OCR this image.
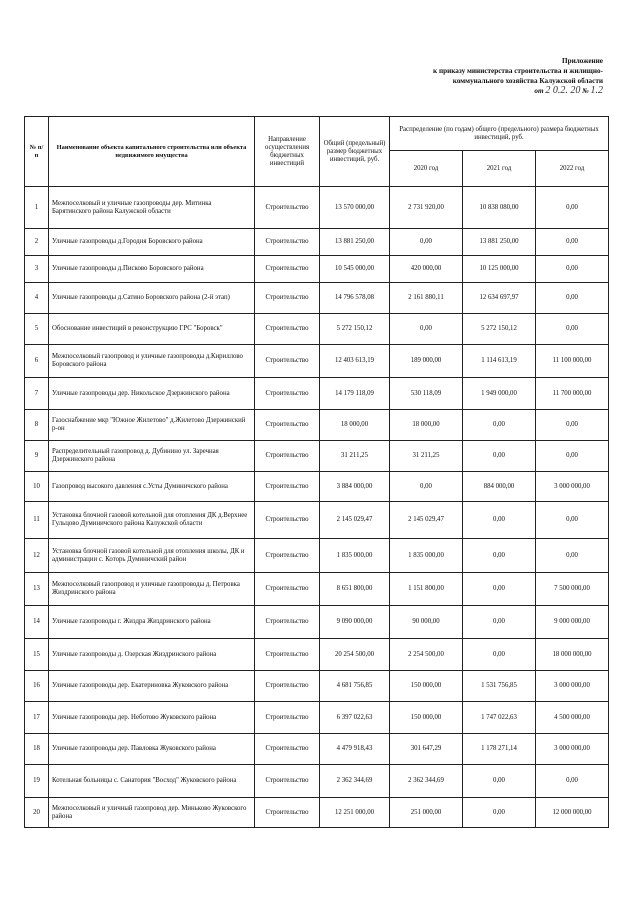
Приложение
к приказу министерства строительства и жилищно-
коммунального хозяйства Калужской области
от 2 0.2. 20 № 1.2
№ п/п	Наименование объекта капитального строительства или объекта недвижимого имущества	Направление осуществления бюджетных инвестиций	Общий (предельный) размер бюджетных инвестиций, руб.	Распределение (по годам) общего (предельного) размера бюджетных инвестиций, руб.		
				2020 год	2021 год	2022 год
1	Межпоселковый и уличные газопроводы дер. Митинка Барятинского района Калужской области	Строительство	13 570 000,00	2 731 920,00	10 838 080,00	0,00
2	Уличные газопроводы д.Городня Боровского района	Строительство	13 881 250,00	0,00	13 881 250,00	0,00
3	Уличные газопроводы д.Писково Боровского района	Строительство	10 545 000,00	420 000,00	10 125 000,00	0,00
4	Уличные газопроводы д.Сатино Боровского района (2-й этап)	Строительство	14 796 578,08	2 161 880,11	12 634 697,97	0,00
5	Обоснование инвестиций в реконструкцию ГРС "Боровск"	Строительство	5 272 150,12	0,00	5 272 150,12	0,00
6	Межпоселковый газопровод и уличные газопроводы д.Кириллово Боровского района	Строительство	12 403 613,19	189 000,00	1 114 613,19	11 100 000,00
7	Уличные газопроводы дер. Никольское Дзержинского района	Строительство	14 179 118,09	530 118,09	1 949 000,00	11 700 000,00
8	Газоснабжение мкр "Южное Жилетово" д.Жилетово Дзержинский р-он	Строительство	18 000,00	18 000,00	0,00	0,00
9	Распределительный газопровод д. Дубинино ул. Заречная Дзержинского района	Строительство	31 211,25	31 211,25	0,00	0,00
10	Газопровод высокого давления с.Усты Думиничского района	Строительство	3 884 000,00	0,00	884 000,00	3 000 000,00
11	Установка блочной газовой котельной для отопления ДК д.Верхнее Гульцово Думиничского района Калужской области	Строительство	2 145 029,47	2 145 029,47	0,00	0,00
12	Установка блочной газовой котельной для отопления школы, ДК и администрации с. Которь Думиничский район	Строительство	1 835 000,00	1 835 000,00	0,00	0,00
13	Межпоселковый газопровод и уличные газопроводы д. Петровка Жиздринского района	Строительство	8 651 800,00	1 151 800,00	0,00	7 500 000,00
14	Уличные газопроводы г. Жиздра Жиздринского района	Строительство	9 090 000,00	90 000,00	0,00	9 000 000,00
15	Уличные газопроводы д. Озерская Жиздринского района	Строительство	20 254 500,00	2 254 500,00	0,00	18 000 000,00
16	Уличные газопроводы дер. Екатериновка Жуковского района	Строительство	4 681 756,85	150 000,00	1 531 756,85	3 000 000,00
17	Уличные газопроводы дер. Неботово Жуковского района	Строительство	6 397 022,63	150 000,00	1 747 022,63	4 500 000,00
18	Уличные газопроводы дер. Павловка Жуковского района	Строительство	4 479 918,43	301 647,29	1 178 271,14	3 000 000,00
19	Котельная больницы с. Санатория "Восход" Жуковского района	Строительство	2 362 344,69	2 362 344,69	0,00	0,00
20	Межпоселковый и уличный газопровод дер. Миньково Жуковского района	Строительство	12 251 000,00	251 000,00	0,00	12 000 000,00
